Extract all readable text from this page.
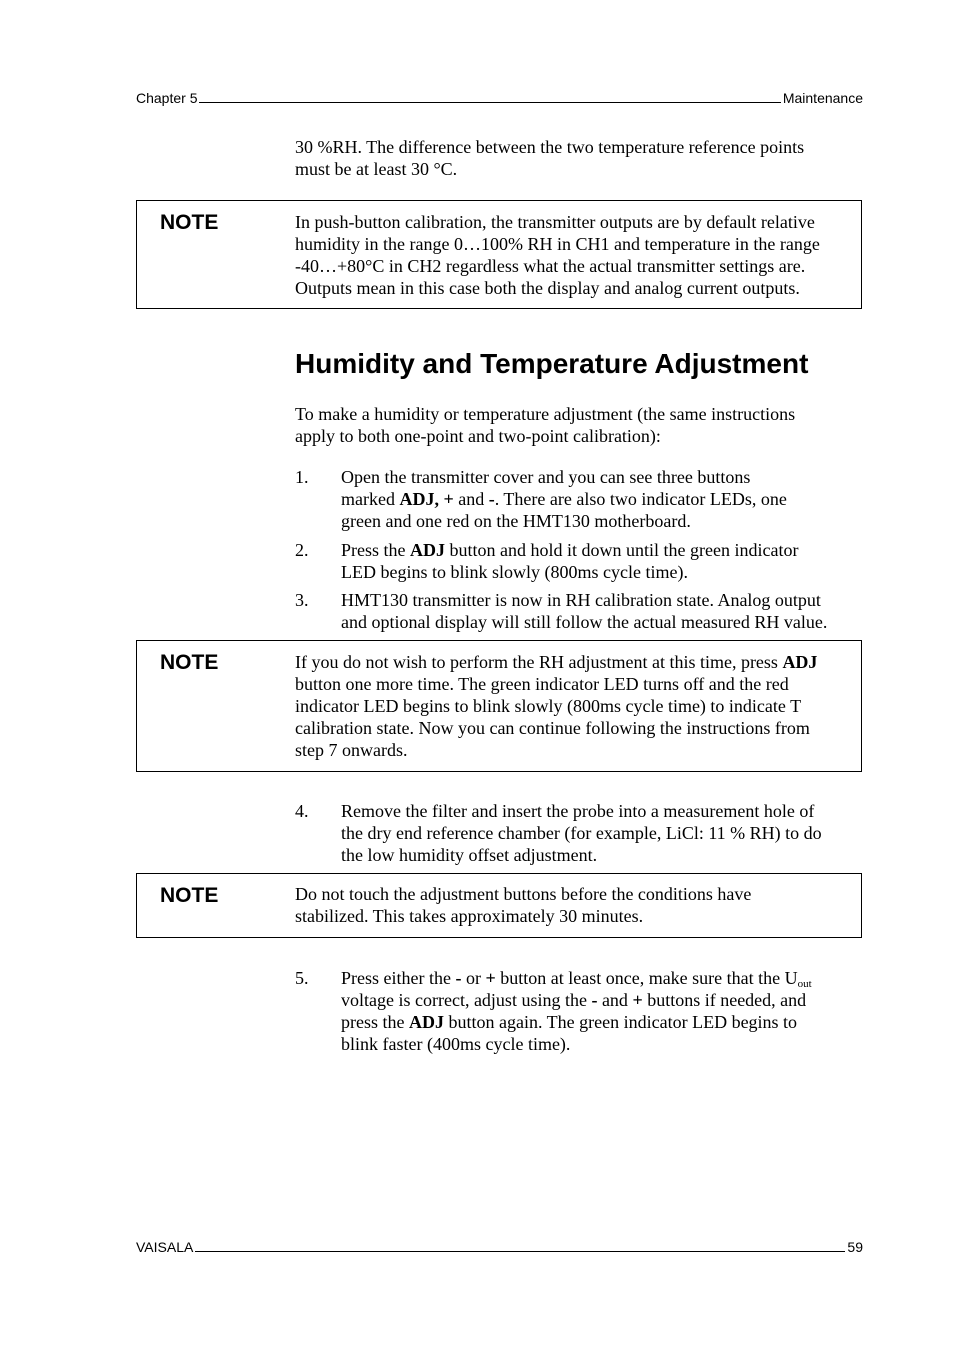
Chapter 5	Maintenance
30 %RH. The difference between the two temperature reference points
must be at least 30 °C.
NOTE	In push-button calibration, the transmitter outputs are by default relative
humidity in the range 0…100% RH in CH1 and temperature in the range
-40…+80°C in CH2 regardless what the actual transmitter settings are.
Outputs mean in this case both the display and analog current outputs.
Humidity and Temperature Adjustment
To make a humidity or temperature adjustment (the same instructions
apply to both one-point and two-point calibration):
1. Open the transmitter cover and you can see three buttons
marked ADJ, + and -. There are also two indicator LEDs, one
green and one red on the HMT130 motherboard.
2. Press the ADJ button and hold it down until the green indicator
LED begins to blink slowly (800ms cycle time).
3. HMT130 transmitter is now in RH calibration state. Analog output
and optional display will still follow the actual measured RH value.
NOTE	If you do not wish to perform the RH adjustment at this time, press ADJ
button one more time. The green indicator LED turns off and the red
indicator LED begins to blink slowly (800ms cycle time) to indicate T
calibration state. Now you can continue following the instructions from
step 7 onwards.
4. Remove the filter and insert the probe into a measurement hole of
the dry end reference chamber (for example, LiCl: 11 % RH) to do
the low humidity offset adjustment.
NOTE	Do not touch the adjustment buttons before the conditions have
stabilized. This takes approximately 30 minutes.
5. Press either the - or + button at least once, make sure that the $U_{out}$
voltage is correct, adjust using the - and + buttons if needed, and
press the ADJ button again. The green indicator LED begins to
blink faster (400ms cycle time).
VAISALA	59
